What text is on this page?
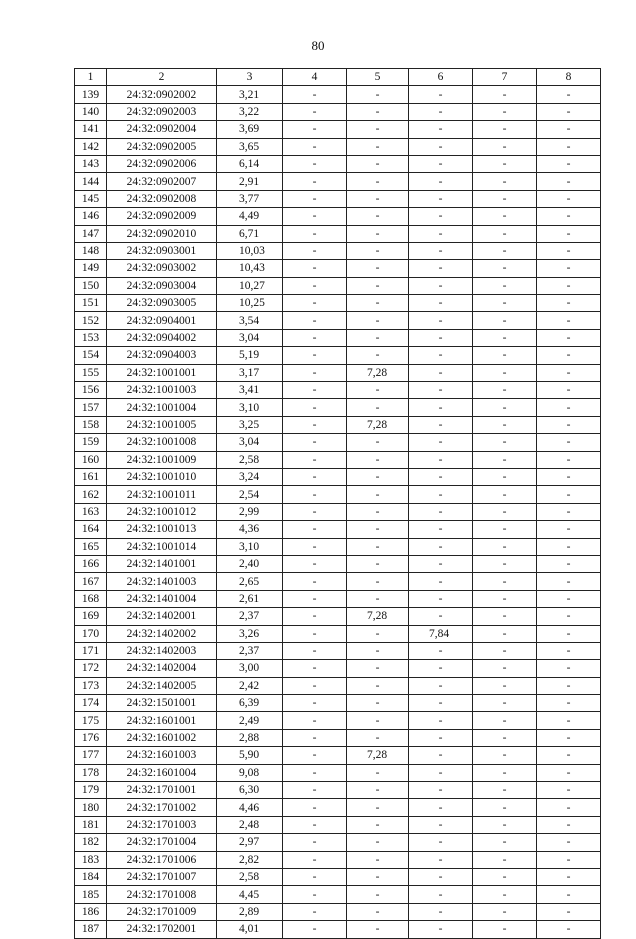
80
1	2	3	4	5	6	7	8
139	24:32:0902002	3,21	-	-	-	-	-
140	24:32:0902003	3,22	-	-	-	-	-
141	24:32:0902004	3,69	-	-	-	-	-
142	24:32:0902005	3,65	-	-	-	-	-
143	24:32:0902006	6,14	-	-	-	-	-
144	24:32:0902007	2,91	-	-	-	-	-
145	24:32:0902008	3,77	-	-	-	-	-
146	24:32:0902009	4,49	-	-	-	-	-
147	24:32:0902010	6,71	-	-	-	-	-
148	24:32:0903001	10,03	-	-	-	-	-
149	24:32:0903002	10,43	-	-	-	-	-
150	24:32:0903004	10,27	-	-	-	-	-
151	24:32:0903005	10,25	-	-	-	-	-
152	24:32:0904001	3,54	-	-	-	-	-
153	24:32:0904002	3,04	-	-	-	-	-
154	24:32:0904003	5,19	-	-	-	-	-
155	24:32:1001001	3,17	-	7,28	-	-	-
156	24:32:1001003	3,41	-	-	-	-	-
157	24:32:1001004	3,10	-	-	-	-	-
158	24:32:1001005	3,25	-	7,28	-	-	-
159	24:32:1001008	3,04	-	-	-	-	-
160	24:32:1001009	2,58	-	-	-	-	-
161	24:32:1001010	3,24	-	-	-	-	-
162	24:32:1001011	2,54	-	-	-	-	-
163	24:32:1001012	2,99	-	-	-	-	-
164	24:32:1001013	4,36	-	-	-	-	-
165	24:32:1001014	3,10	-	-	-	-	-
166	24:32:1401001	2,40	-	-	-	-	-
167	24:32:1401003	2,65	-	-	-	-	-
168	24:32:1401004	2,61	-	-	-	-	-
169	24:32:1402001	2,37	-	7,28	-	-	-
170	24:32:1402002	3,26	-	-	7,84	-	-
171	24:32:1402003	2,37	-	-	-	-	-
172	24:32:1402004	3,00	-	-	-	-	-
173	24:32:1402005	2,42	-	-	-	-	-
174	24:32:1501001	6,39	-	-	-	-	-
175	24:32:1601001	2,49	-	-	-	-	-
176	24:32:1601002	2,88	-	-	-	-	-
177	24:32:1601003	5,90	-	7,28	-	-	-
178	24:32:1601004	9,08	-	-	-	-	-
179	24:32:1701001	6,30	-	-	-	-	-
180	24:32:1701002	4,46	-	-	-	-	-
181	24:32:1701003	2,48	-	-	-	-	-
182	24:32:1701004	2,97	-	-	-	-	-
183	24:32:1701006	2,82	-	-	-	-	-
184	24:32:1701007	2,58	-	-	-	-	-
185	24:32:1701008	4,45	-	-	-	-	-
186	24:32:1701009	2,89	-	-	-	-	-
187	24:32:1702001	4,01	-	-	-	-	-
